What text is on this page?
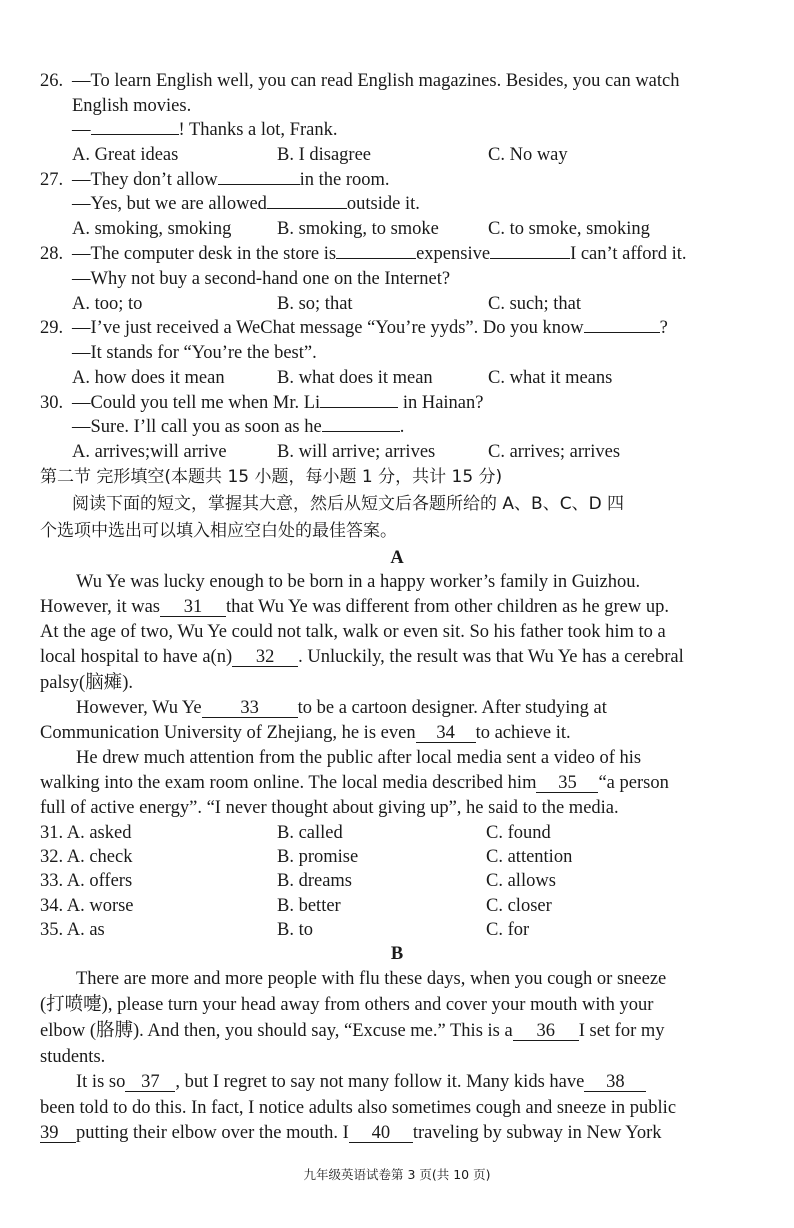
26. —To learn English well, you can read English magazines. Besides, you can watch
English movies.
—	! Thanks a lot, Frank.
A. Great ideas	B. I disagree	C. No way
27. —They don’t allow	in the room.
—Yes, but we are allowed	outside it.
A. smoking, smoking B. smoking, to smoke	C. to smoke, smoking
28. —The computer desk in the store is	expensive	I can’t afford it.
—Why not buy a second-hand one on the Internet?
A. too; to	B. so; that	C. such; that
29. —I’ve just received a WeChat message “You’re yyds”. Do you know	?
—It stands for “You’re the best”.
A. how does it mean	B. what does it mean	C. what it means
30. —Could you tell me when Mr. Li	in Hainan?
—Sure. I’ll call you as soon as he	.
A. arrives;will arrive	B. will arrive; arrives	C. arrives; arrives
第二节 完形填空(本题共 15 小题，每小题 1 分，共计 15 分)
阅读下面的短文，掌握其大意，然后从短文后各题所给的 A、B、C、D 四
个选项中选出可以填入相应空白处的最佳答案。
A
Wu Ye was lucky enough to be born in a happy worker’s family in Guizhou.
However, it was 31 that Wu Ye was different from other children as he grew up.
At the age of two, Wu Ye could not talk, walk or even sit. So his father took him to a
local hospital to have a(n) 32 . Unluckily, the result was that Wu Ye has a cerebral
palsy(脑瘫).
However, Wu Ye 33 to be a cartoon designer. After studying at
Communication University of Zhejiang, he is even 34 to achieve it.
He drew much attention from the public after local media sent a video of his
walking into the exam room online. The local media described him 35 “a person
full of active energy”. “I never thought about giving up”, he said to the media.
31. A. asked	B. called	C. found
32. A. check	B. promise	C. attention
33. A. offers	B. dreams	C. allows
34. A. worse	B. better	C. closer
35. A. as	B. to	C. for
B
There are more and more people with flu these days, when you cough or sneeze
(打喷嚏), please turn your head away from others and cover your mouth with your
elbow (胳膊). And then, you should say, “Excuse me.” This is a 36 I set for my
students.
It is so 37 , but I regret to say not many follow it. Many kids have 38
been told to do this. In fact, I notice adults also sometimes cough and sneeze in public
39 putting their elbow over the mouth. I 40 traveling by subway in New York
九年级英语试卷第 3 页(共 10 页)
